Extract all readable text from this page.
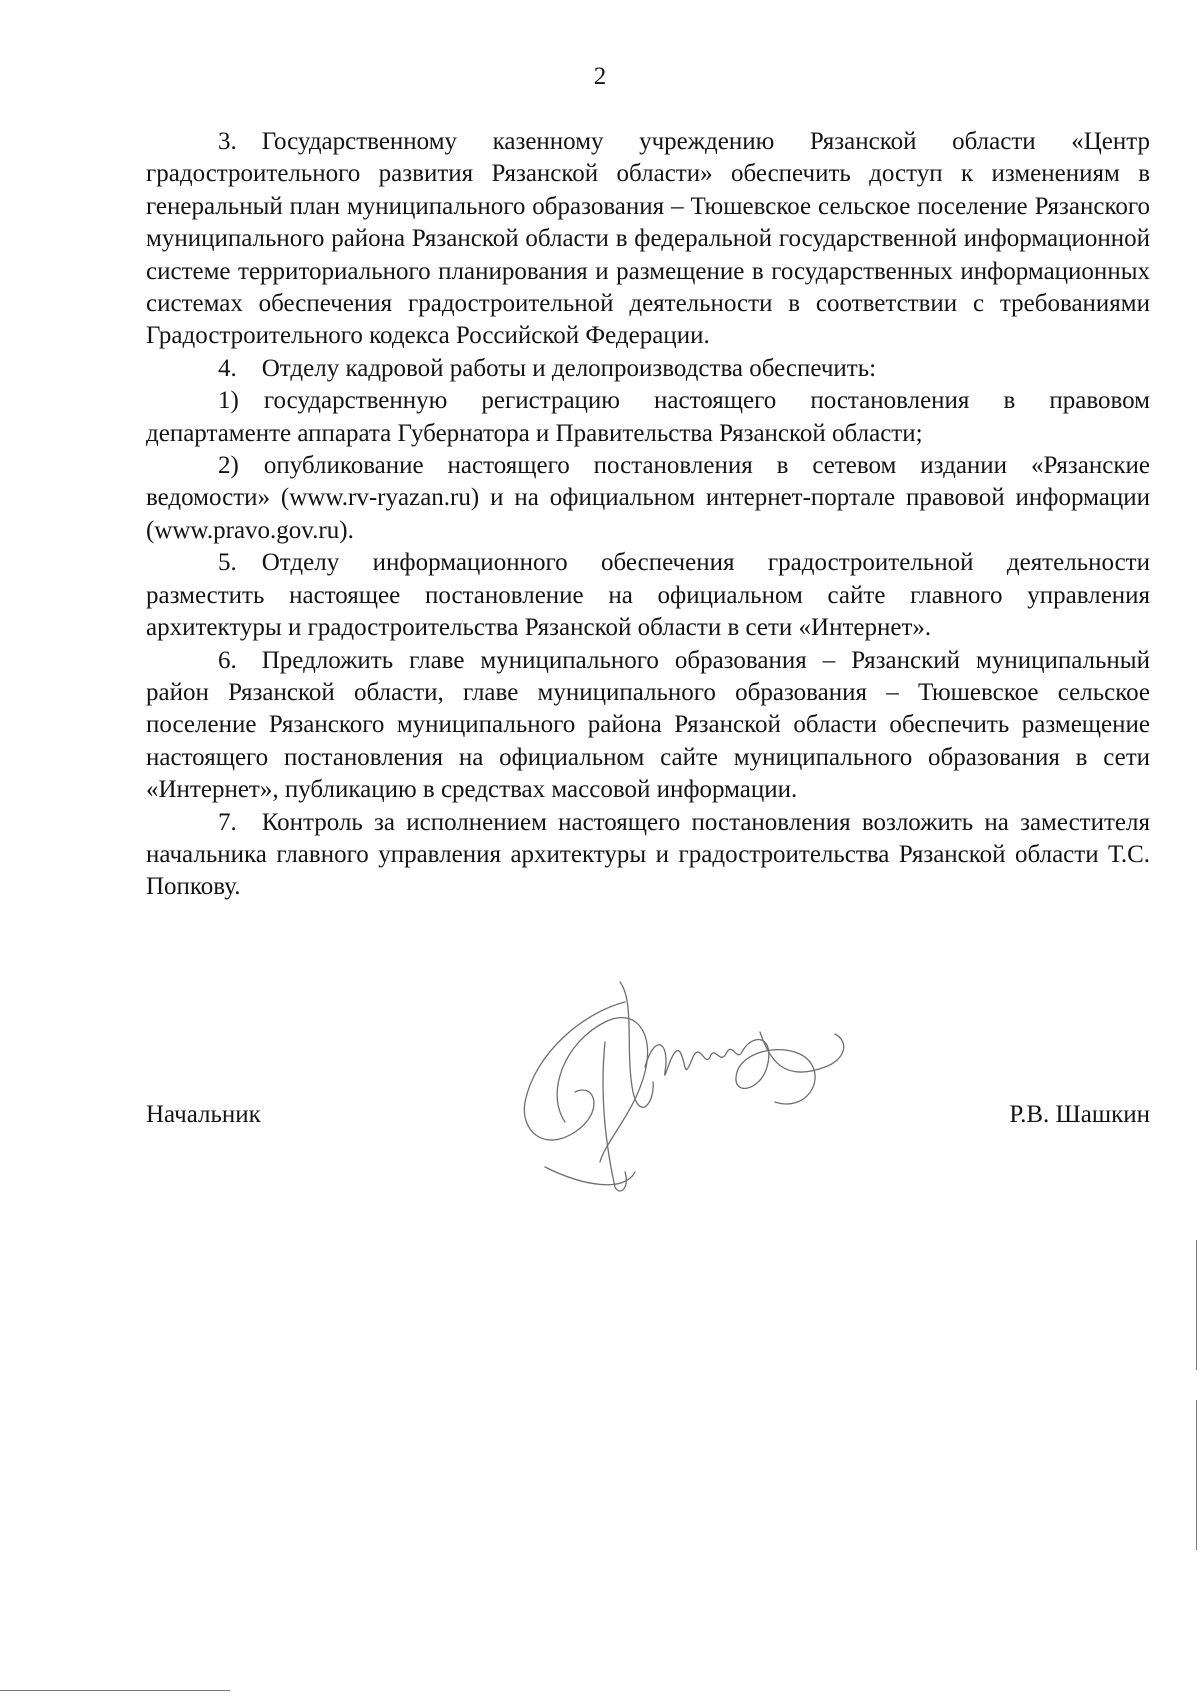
2

3. Государственному казенному учреждению Рязанской области «Центр градостроительного развития Рязанской области» обеспечить доступ к изменениям в генеральный план муниципального образования – Тюшевское сельское поселение Рязанского муниципального района Рязанской области в федеральной государственной информационной системе территориального планирования и размещение в государственных информационных системах обеспечения градостроительной деятельности в соответствии с требованиями Градостроительного кодекса Российской Федерации.

4. Отделу кадровой работы и делопроизводства обеспечить:

1) государственную регистрацию настоящего постановления в правовом департаменте аппарата Губернатора и Правительства Рязанской области;

2) опубликование настоящего постановления в сетевом издании «Рязанские ведомости» (www.rv-ryazan.ru) и на официальном интернет-портале правовой информации (www.pravo.gov.ru).

5. Отделу информационного обеспечения градостроительной деятельности разместить настоящее постановление на официальном сайте главного управления архитектуры и градостроительства Рязанской области в сети «Интернет».

6. Предложить главе муниципального образования – Рязанский муниципальный район Рязанской области, главе муниципального образования – Тюшевское сельское поселение Рязанского муниципального района Рязанской области обеспечить размещение настоящего постановления на официальном сайте муниципального образования в сети «Интернет», публикацию в средствах массовой информации.

7. Контроль за исполнением настоящего постановления возложить на заместителя начальника главного управления архитектуры и градостроительства Рязанской области Т.С. Попкову.

Начальник	Р.В. Шашкин
